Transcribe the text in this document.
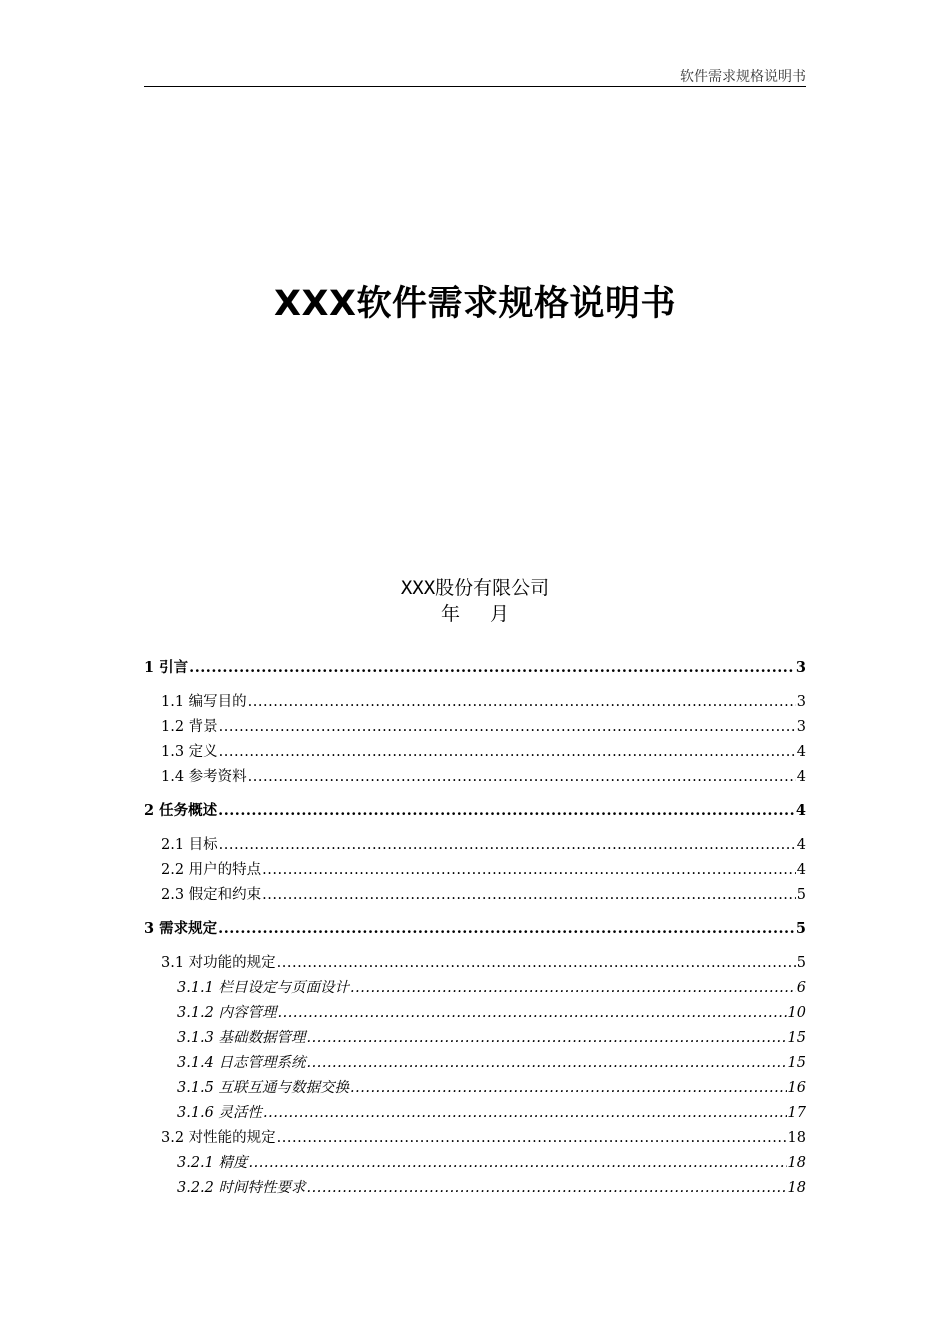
软件需求规格说明书
XXX软件需求规格说明书
XXX股份有限公司
年 月
1 引言 .....	3
1.1 编写目的 .....	3
1.2 背景 .....	3
1.3 定义 .....	4
1.4 参考资料 .....	4
2 任务概述 .....	4
2.1 目标 .....	4
2.2 用户的特点 .....	4
2.3 假定和约束 .....	5
3 需求规定 .....	5
3.1 对功能的规定 .....	5
3.1.1 栏目设定与页面设计 .....	6
3.1.2 内容管理 .....	10
3.1.3 基础数据管理 .....	15
3.1.4 日志管理系统 .....	15
3.1.5 互联互通与数据交换 .....	16
3.1.6 灵活性 .....	17
3.2 对性能的规定 .....	18
3.2.1 精度 .....	18
3.2.2 时间特性要求 .....	18
